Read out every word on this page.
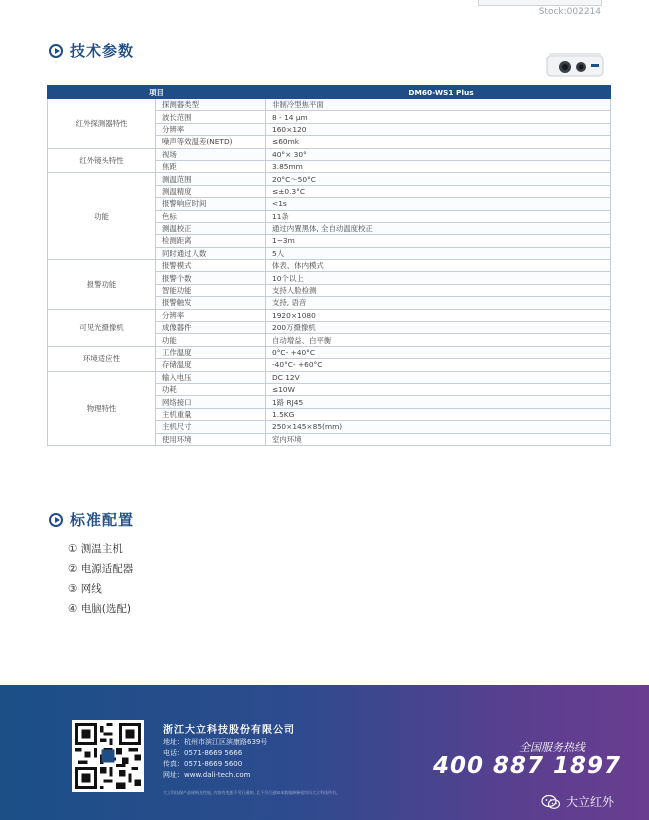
Stock:002214
技术参数
项目		DM60-WS1 Plus
红外探测器特性	探测器类型	非制冷型焦平面
	波长范围	8 - 14 μm
	分辨率	160×120
	噪声等效温差(NETD)	≤60mk
红外镜头特性	视场	40°× 30°
	焦距	3.85mm
功能	测温范围	20°C～50°C
	测温精度	≤±0.3°C
	报警响应时间	<1s
	色标	11条
	测温校正	通过内置黑体, 全自动温度校正
	检测距离	1~3m
	同时通过人数	5人
报警功能	报警模式	体表、体内模式
	报警个数	10个以上
	智能功能	支持人脸检测
	报警触发	支持, 语音
可见光摄像机	分辨率	1920×1080
	成像器件	200万摄像机
	功能	自动增益、白平衡
环境适应性	工作温度	0°C- +40°C
	存储温度	-40°C- +60°C
物理特性	输入电压	DC 12V
	功耗	≤10W
	网络接口	1路 RJ45
	主机重量	1.5KG
	主机尺寸	250×145×85(mm)
	使用环境	室内环境
标准配置
① 测温主机
② 电源适配器
③ 网线
④ 电脑(选配)
浙江大立科技股份有限公司
地址：杭州市滨江区滨康路639号
电话：0571-8669 5666
传真：0571-8669 5600
网址：www.dali-tech.com
大立科技保产品规格及性能, 内容有变恕不另行通知, 且不另行通知本数据修释权均归大立科技所有。
全国服务热线
400 887 1897
大立红外
